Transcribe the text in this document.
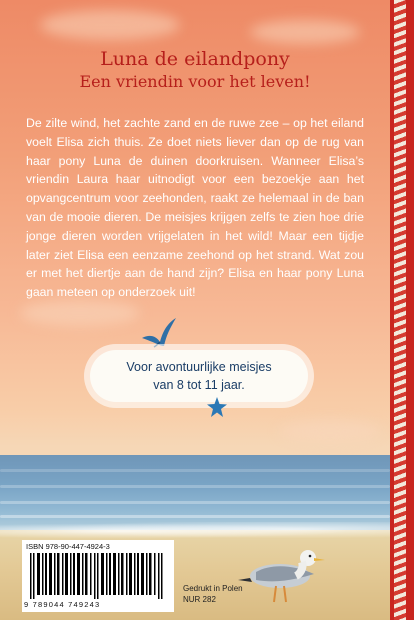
Luna de eilandpony
Een vriendin voor het leven!
De zilte wind, het zachte zand en de ruwe zee – op het eiland voelt Elisa zich thuis. Ze doet niets liever dan op de rug van haar pony Luna de duinen doorkruisen. Wanneer Elisa’s vriendin Laura haar uitnodigt voor een bezoekje aan het opvangcentrum voor zeehonden, raakt ze helemaal in de ban van de mooie dieren. De meisjes krijgen zelfs te zien hoe drie jonge dieren worden vrijgelaten in het wild! Maar een tijdje later ziet Elisa een eenzame zeehond op het strand. Wat zou er met het diertje aan de hand zijn? Elisa en haar pony Luna gaan meteen op onderzoek uit!
Voor avontuurlijke meisjes
van 8 tot 11 jaar.
ISBN 978-90-447-4924-3
9 789044 749243
Gedrukt in Polen
NUR 282
